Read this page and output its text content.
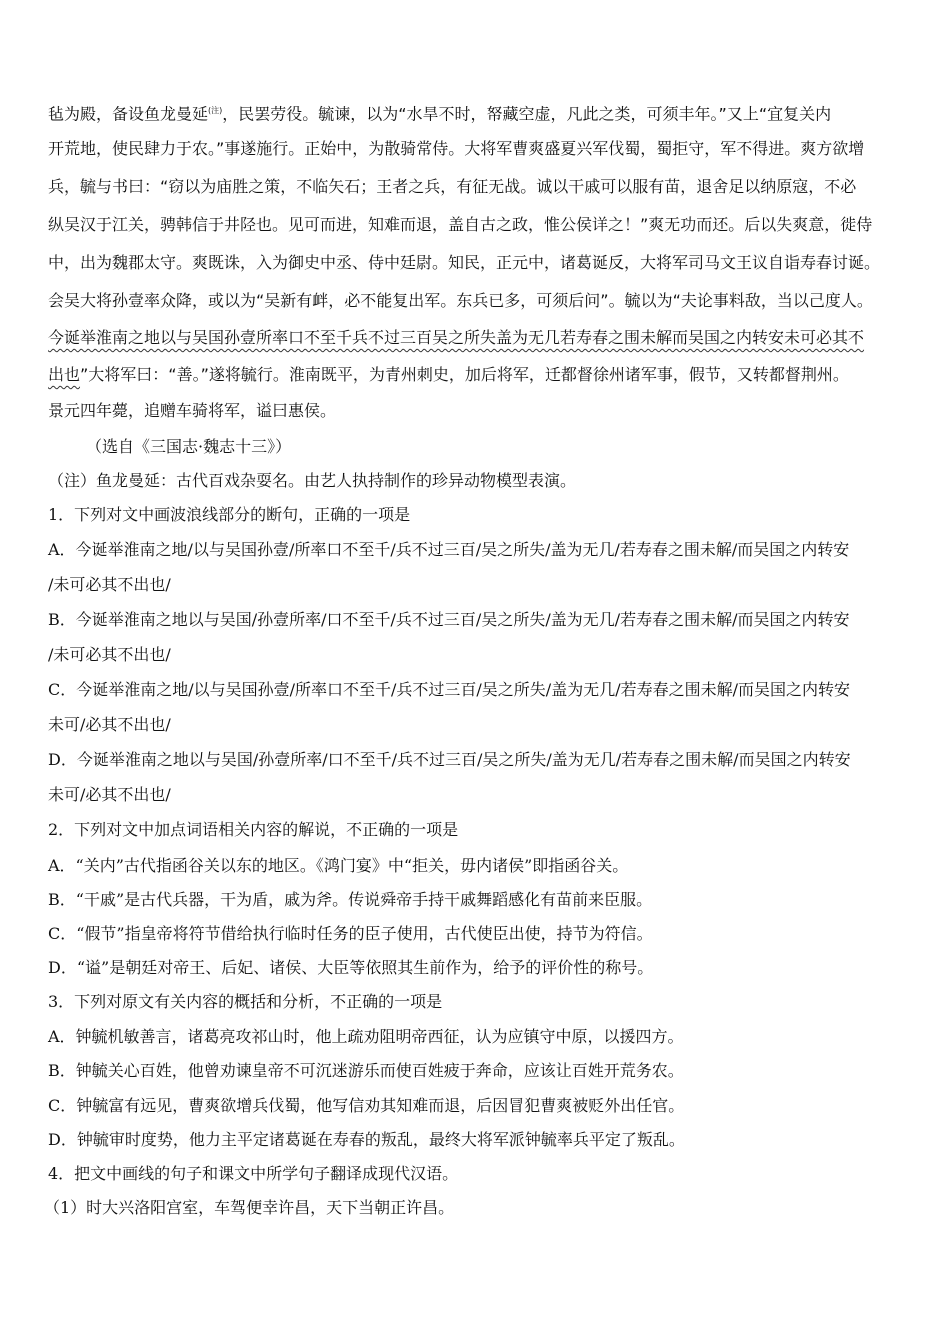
毡为殿，备设鱼龙曼延$^{(注)}$，民罢劳役。毓谏，以为“水旱不时，帑藏空虚，凡此之类，可须丰年。”又上“宜复关内
开荒地，使民肆力于农。”事遂施行。正始中，为散骑常侍。大将军曹爽盛夏兴军伐蜀，蜀拒守，军不得进。爽方欲增
兵，毓与书曰：“窃以为庙胜之策，不临矢石；王者之兵，有征无战。诚以干戚可以服有苗，退舍足以纳原寇，不必
纵吴汉于江关，骋韩信于井陉也。见可而进，知难而退，盖自古之政，惟公侯详之！”爽无功而还。后以失爽意，徙侍
中，出为魏郡太守。爽既诛，入为御史中丞、侍中廷尉。知民，正元中，诸葛诞反，大将军司马文王议自诣寿春讨诞。
会吴大将孙壹率众降，或以为“吴新有衅，必不能复出军。东兵已多，可须后问”。毓以为“夫论事料敌，当以己度人。
今诞举淮南之地以与吴国孙壹所率口不至千兵不过三百吴之所失盖为无几若寿春之围未解而吴国之内转安未可必其不
出也”大将军曰：“善。”遂将毓行。淮南既平，为青州刺史，加后将军，迁都督徐州诸军事，假节，又转都督荆州。
景元四年薨，追赠车骑将军，谥曰惠侯。
（选自《三国志·魏志十三》）
（注）鱼龙曼延：古代百戏杂耍名。由艺人执持制作的珍异动物模型表演。
1．下列对文中画波浪线部分的断句，正确的一项是
A．今诞举淮南之地/以与吴国孙壹/所率口不至千/兵不过三百/吴之所失/盖为无几/若寿春之围未解/而吴国之内转安
/未可必其不出也/
B．今诞举淮南之地以与吴国/孙壹所率/口不至千/兵不过三百/吴之所失/盖为无几/若寿春之围未解/而吴国之内转安
/未可必其不出也/
C．今诞举淮南之地/以与吴国孙壹/所率口不至千/兵不过三百/吴之所失/盖为无几/若寿春之围未解/而吴国之内转安
未可/必其不出也/
D．今诞举淮南之地以与吴国/孙壹所率/口不至千/兵不过三百/吴之所失/盖为无几/若寿春之围未解/而吴国之内转安
未可/必其不出也/
2．下列对文中加点词语相关内容的解说，不正确的一项是
A．“关内”古代指函谷关以东的地区。《鸿门宴》中“拒关，毋内诸侯”即指函谷关。
B．“干戚”是古代兵器，干为盾，戚为斧。传说舜帝手持干戚舞蹈感化有苗前来臣服。
C．“假节”指皇帝将符节借给执行临时任务的臣子使用，古代使臣出使，持节为符信。
D．“谥”是朝廷对帝王、后妃、诸侯、大臣等依照其生前作为，给予的评价性的称号。
3．下列对原文有关内容的概括和分析，不正确的一项是
A．钟毓机敏善言，诸葛亮攻祁山时，他上疏劝阻明帝西征，认为应镇守中原，以援四方。
B．钟毓关心百姓，他曾劝谏皇帝不可沉迷游乐而使百姓疲于奔命，应该让百姓开荒务农。
C．钟毓富有远见，曹爽欲增兵伐蜀，他写信劝其知难而退，后因冒犯曹爽被贬外出任官。
D．钟毓审时度势，他力主平定诸葛诞在寿春的叛乱，最终大将军派钟毓率兵平定了叛乱。
4．把文中画线的句子和课文中所学句子翻译成现代汉语。
（1）时大兴洛阳宫室，车驾便幸许昌，天下当朝正许昌。
